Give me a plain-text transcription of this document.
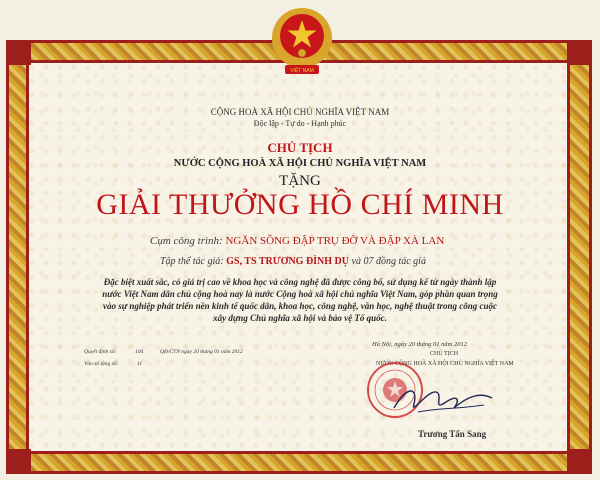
VIỆT NAM
CỘNG HOÀ XÃ HỘI CHỦ NGHĨA VIỆT NAM
Độc lập - Tự do - Hạnh phúc
CHỦ TỊCH
NƯỚC CỘNG HOÀ XÃ HỘI CHỦ NGHĨA VIỆT NAM
TẶNG
GIẢI THƯỞNG HỒ CHÍ MINH
Cụm công trình: NGĂN SÔNG ĐẬP TRỤ ĐỠ VÀ ĐẬP XÀ LAN
Tập thể tác giả: GS, TS TRƯƠNG ĐÌNH DỤ và 07 đồng tác giả
Đặc biệt xuất sắc, có giá trị cao về khoa học và công nghệ đã được công bố, sử dụng kể từ ngày thành lập
nước Việt Nam dân chủ cộng hoà nay là nước Cộng hoà xã hội chủ nghĩa Việt Nam, góp phần quan trọng
vào sự nghiệp phát triển nền kinh tế quốc dân, khoa học, công nghệ, văn học, nghệ thuật trong công cuộc
xây dựng Chủ nghĩa xã hội và bảo vệ Tổ quốc.
Hà Nội, ngày 20 tháng 01 năm 2012
CHỦ TỊCH
NƯỚC CỘNG HOÀ XÃ HỘI CHỦ NGHĨA VIỆT NAM
Trương Tấn Sang
Quyết định số:	104	QĐ/CTN ngày 20 tháng 01 năm 2012
Vào sổ tặng số:	11
